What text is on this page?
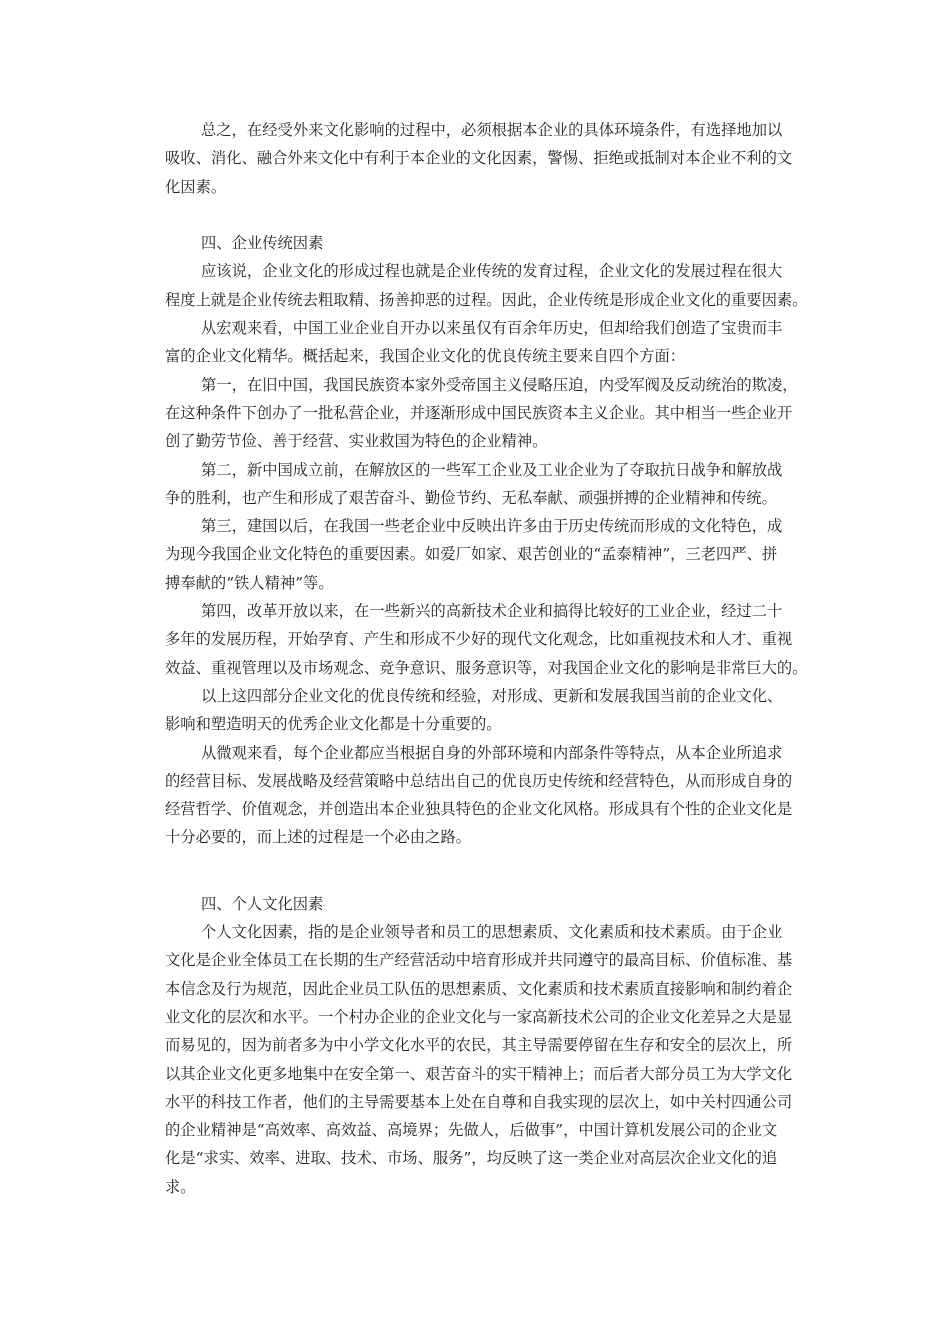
总之，在经受外来文化影响的过程中，必须根据本企业的具体环境条件，有选择地加以
吸收、消化、融合外来文化中有利于本企业的文化因素，警惕、拒绝或抵制对本企业不利的文
化因素。
四、企业传统因素
应该说，企业文化的形成过程也就是企业传统的发育过程，企业文化的发展过程在很大
程度上就是企业传统去粗取精、扬善抑恶的过程。因此，企业传统是形成企业文化的重要因素。
从宏观来看，中国工业企业自开办以来虽仅有百余年历史，但却给我们创造了宝贵而丰
富的企业文化精华。概括起来，我国企业文化的优良传统主要来自四个方面：
第一，在旧中国，我国民族资本家外受帝国主义侵略压迫，内受军阀及反动统治的欺凌，
在这种条件下创办了一批私营企业，并逐渐形成中国民族资本主义企业。其中相当一些企业开
创了勤劳节俭、善于经营、实业救国为特色的企业精神。
第二，新中国成立前，在解放区的一些军工企业及工业企业为了夺取抗日战争和解放战
争的胜利，也产生和形成了艰苦奋斗、勤俭节约、无私奉献、顽强拼搏的企业精神和传统。
第三，建国以后，在我国一些老企业中反映出许多由于历史传统而形成的文化特色，成
为现今我国企业文化特色的重要因素。如爱厂如家、艰苦创业的“孟泰精神”，三老四严、拼
搏奉献的“铁人精神”等。
第四，改革开放以来，在一些新兴的高新技术企业和搞得比较好的工业企业，经过二十
多年的发展历程，开始孕育、产生和形成不少好的现代文化观念，比如重视技术和人才、重视
效益、重视管理以及市场观念、竞争意识、服务意识等，对我国企业文化的影响是非常巨大的。
以上这四部分企业文化的优良传统和经验，对形成、更新和发展我国当前的企业文化、
影响和塑造明天的优秀企业文化都是十分重要的。
从微观来看，每个企业都应当根据自身的外部环境和内部条件等特点，从本企业所追求
的经营目标、发展战略及经营策略中总结出自己的优良历史传统和经营特色，从而形成自身的
经营哲学、价值观念，并创造出本企业独具特色的企业文化风格。形成具有个性的企业文化是
十分必要的，而上述的过程是一个必由之路。
四、个人文化因素
个人文化因素，指的是企业领导者和员工的思想素质、文化素质和技术素质。由于企业
文化是企业全体员工在长期的生产经营活动中培育形成并共同遵守的最高目标、价值标准、基
本信念及行为规范，因此企业员工队伍的思想素质、文化素质和技术素质直接影响和制约着企
业文化的层次和水平。一个村办企业的企业文化与一家高新技术公司的企业文化差异之大是显
而易见的，因为前者多为中小学文化水平的农民，其主导需要停留在生存和安全的层次上，所
以其企业文化更多地集中在安全第一、艰苦奋斗的实干精神上；而后者大部分员工为大学文化
水平的科技工作者，他们的主导需要基本上处在自尊和自我实现的层次上，如中关村四通公司
的企业精神是“高效率、高效益、高境界；先做人，后做事”，中国计算机发展公司的企业文
化是“求实、效率、进取、技术、市场、服务”，均反映了这一类企业对高层次企业文化的追
求。
